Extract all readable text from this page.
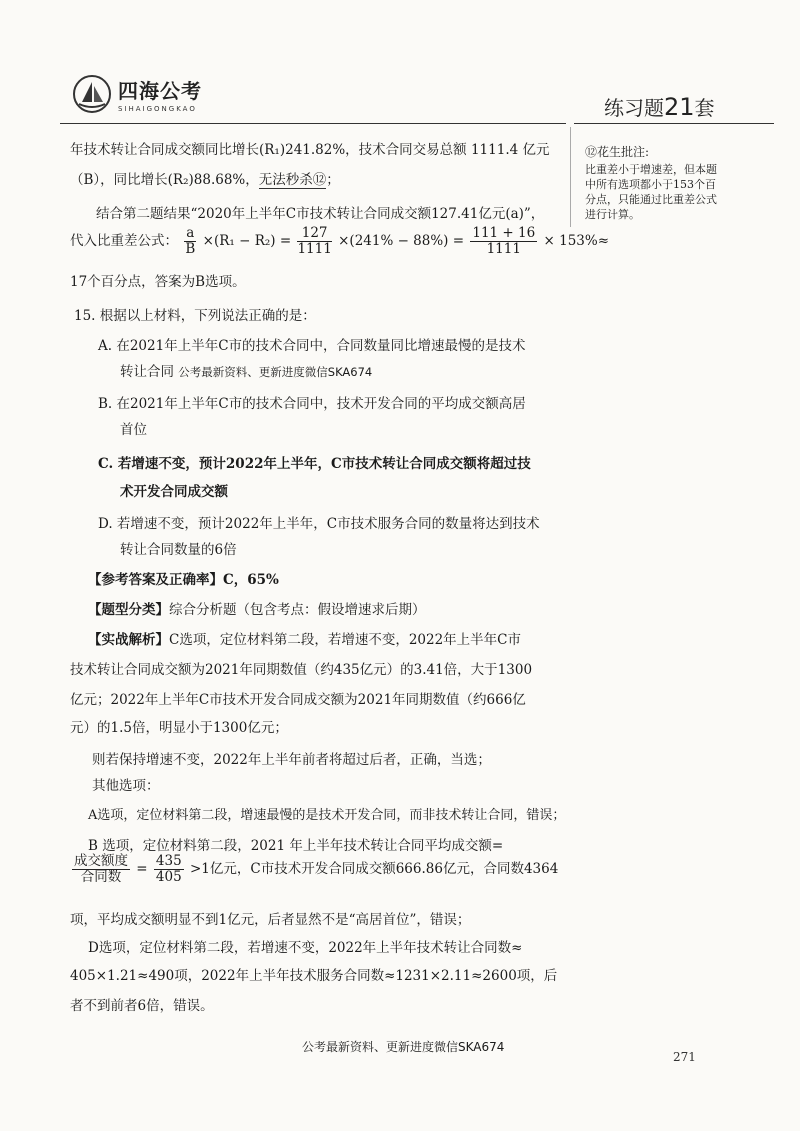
四海公考
SIHAIGONGKAO	练习题21套
⑫花生批注:
比重差小于增速差，但本题
中所有选项都小于153个百
分点，只能通过比重差公式
进行计算。
年技术转让合同成交额同比增长(R₁)241.82%，技术合同交易总额 1111.4 亿元
（B），同比增长(R₂)88.68%，无法秒杀⑫；
结合第二题结果“2020年上半年C市技术转让合同成交额127.41亿元(a)”，
代入比重差公式： $\frac{a}{B} \times(R_1 - R_2) = \frac{127}{1111} \times(241\% - 88\%) = \frac{111 + 16}{1111} \times 153\%\approx$
17个百分点，答案为B选项。
15. 根据以上材料，下列说法正确的是：
A. 在2021年上半年C市的技术合同中，合同数量同比增速最慢的是技术
转让合同 公考最新资料、更新进度微信SKA674
B. 在2021年上半年C市的技术合同中，技术开发合同的平均成交额高居
首位
C. 若增速不变，预计2022年上半年，C市技术转让合同成交额将超过技
术开发合同成交额
D. 若增速不变，预计2022年上半年，C市技术服务合同的数量将达到技术
转让合同数量的6倍
【参考答案及正确率】C，65%
【题型分类】综合分析题（包含考点：假设增速求后期）
【实战解析】C选项，定位材料第二段，若增速不变，2022年上半年C市
技术转让合同成交额为2021年同期数值（约435亿元）的3.41倍，大于1300
亿元；2022年上半年C市技术开发合同成交额为2021年同期数值（约666亿
元）的1.5倍，明显小于1300亿元；
则若保持增速不变，2022年上半年前者将超过后者，正确，当选；
其他选项：
A选项，定位材料第二段，增速最慢的是技术开发合同，而非技术转让合同，错误；
B 选项，定位材料第二段，2021 年上半年技术转让合同平均成交额=
$\frac{\text{成交额度}}{\text{合同数}} = \frac{435}{405} >1$亿元，C市技术开发合同成交额666.86亿元，合同数4364
项，平均成交额明显不到1亿元，后者显然不是“高居首位”，错误；
D选项，定位材料第二段，若增速不变，2022年上半年技术转让合同数≈
405×1.21≈490项，2022年上半年技术服务合同数≈1231×2.11≈2600项，后
者不到前者6倍，错误。
公考最新资料、更新进度微信SKA674
271
